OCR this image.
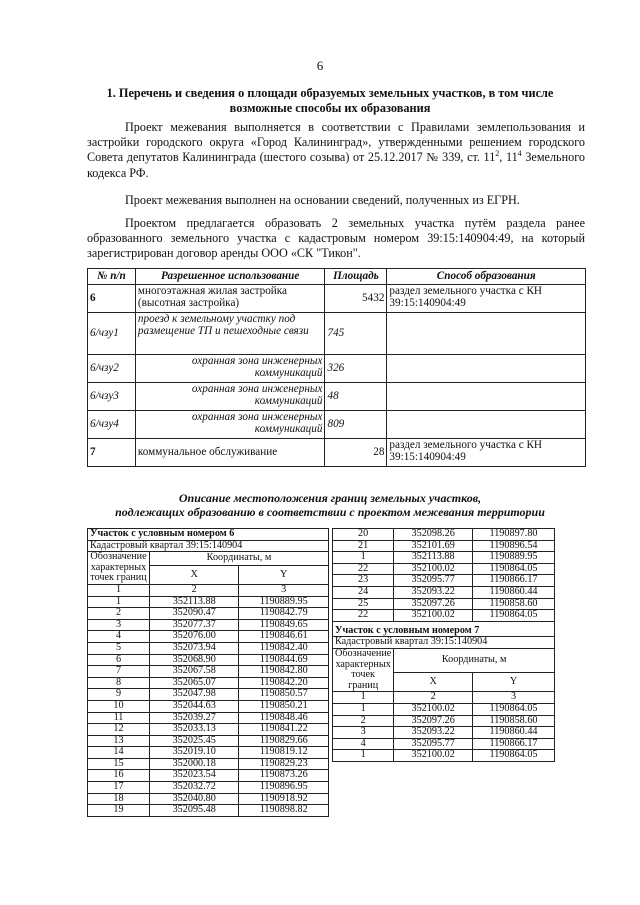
6
1. Перечень и сведения о площади образуемых земельных участков, в том числе
возможные способы их образования

Проект межевания выполняется в соответствии с Правилами землепользования и застройки городского округа «Город Калининград», утвержденными решением городского Совета депутатов Калининграда (шестого созыва) от 25.12.2017 № 339, ст. $11^2$, $11^4$ Земельного кодекса РФ.

Проект межевания выполнен на основании сведений, полученных из ЕГРН.

Проектом предлагается образовать 2 земельных участка путём раздела ранее образованного земельного участка с кадастровым номером 39:15:140904:49, на который зарегистрирован договор аренды ООО «СК "Тикон".

№ п/п	Разрешенное использование	Площадь	Способ образования
6	многоэтажная жилая застройка (высотная застройка)	5432	раздел земельного участка с КН 39:15:140904:49
6/чзу1	проезд к земельному участку под размещение ТП и пешеходные связи	745	
6/чзу2	охранная зона инженерных коммуникаций	326	
6/чзу3	охранная зона инженерных коммуникаций	48	
6/чзу4	охранная зона инженерных коммуникаций	809	
7	коммунальное обслуживание	28	раздел земельного участка с КН 39:15:140904:49
Описание местоположения границ земельных участков,
подлежащих образованию в соответствии с проектом межевания территории
Участок с условным номером 6		
Кадастровый квартал 39:15:140904		
Обозначение характерных точек границ	Координаты, м	
	X	Y
1	2	3
1	352113.88	1190889.95
2	352090.47	1190842.79
3	352077.37	1190849.65
4	352076.00	1190846.61
5	352073.94	1190842.40
6	352068.90	1190844.69
7	352067.58	1190842.80
8	352065.07	1190842.20
9	352047.98	1190850.57
10	352044.63	1190850.21
11	352039.27	1190848.46
12	352033.13	1190841.22
13	352025.45	1190829.66
14	352019.10	1190819.12
15	352000.18	1190829.23
16	352023.54	1190873.26
17	352032.72	1190896.95
18	352040.80	1190918.92
19	352095.48	1190898.82
20	352098.26	1190897.80
21	352101.69	1190896.54
1	352113.88	1190889.95
22	352100.02	1190864.05
23	352095.77	1190866.17
24	352093.22	1190860.44
25	352097.26	1190858.60
22	352100.02	1190864.05
Участок с условным номером 7		
Кадастровый квартал 39:15:140904		
Обозначение характерных точек границ	Координаты, м	
	X	Y
1	2	3
1	352100.02	1190864.05
2	352097.26	1190858.60
3	352093.22	1190860.44
4	352095.77	1190866.17
1	352100.02	1190864.05
